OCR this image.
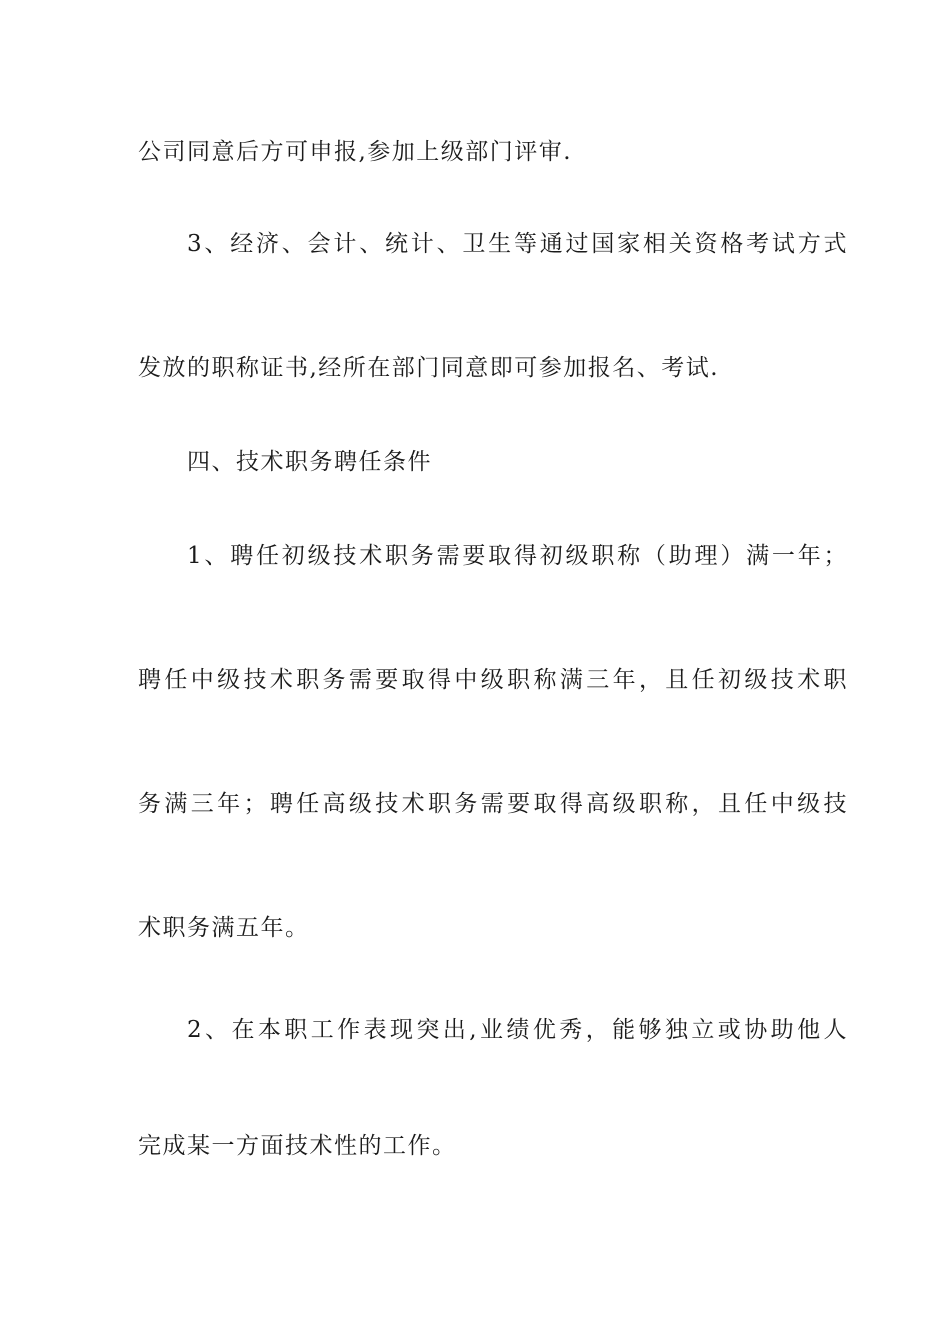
公司同意后方可申报,参加上级部门评审.
3、经济、会计、统计、卫生等通过国家相关资格考试方式
发放的职称证书,经所在部门同意即可参加报名、考试.
四、技术职务聘任条件
1、聘任初级技术职务需要取得初级职称（助理）满一年；
聘任中级技术职务需要取得中级职称满三年，且任初级技术职
务满三年；聘任高级技术职务需要取得高级职称，且任中级技
术职务满五年。
2、在本职工作表现突出,业绩优秀，能够独立或协助他人
完成某一方面技术性的工作。
